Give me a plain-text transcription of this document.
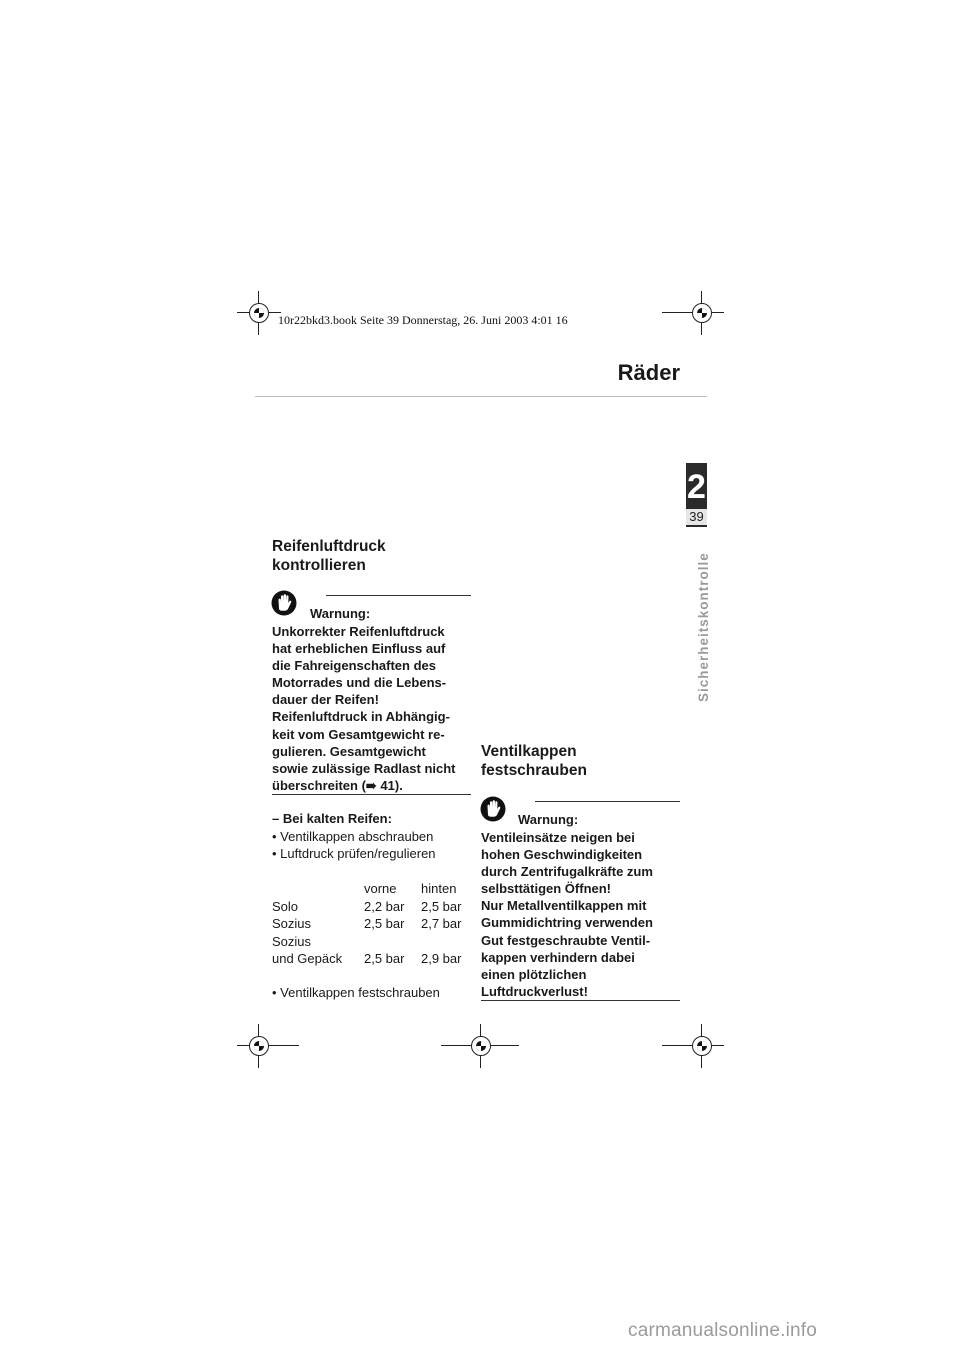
10r22bkd3.book Seite 39 Donnerstag, 26. Juni 2003 4:01 16
Räder
2
39
Sicherheitskontrolle
Reifenluftdruck
kontrollieren
Warnung:
Unkorrekter Reifenluftdruck
hat erheblichen Einfluss auf
die Fahreigenschaften des
Motorrades und die Lebens-
dauer der Reifen!
Reifenluftdruck in Abhängig-
keit vom Gesamtgewicht re-
gulieren. Gesamtgewicht
sowie zulässige Radlast nicht
überschreiten (➠ 41).
– Bei kalten Reifen:
• Ventilkappen abschrauben
• Luftdruck prüfen/regulieren
vorne hinten
Solo	2,2 bar 2,5 bar
Sozius	2,5 bar 2,7 bar
Sozius
und Gepäck 2,5 bar 2,9 bar
• Ventilkappen festschrauben
Ventilkappen
festschrauben
Warnung:
Ventileinsätze neigen bei
hohen Geschwindigkeiten
durch Zentrifugalkräfte zum
selbsttätigen Öffnen!
Nur Metallventilkappen mit
Gummidichtring verwenden
Gut festgeschraubte Ventil-
kappen verhindern dabei
einen plötzlichen
Luftdruckverlust!
carmanualsonline.info
